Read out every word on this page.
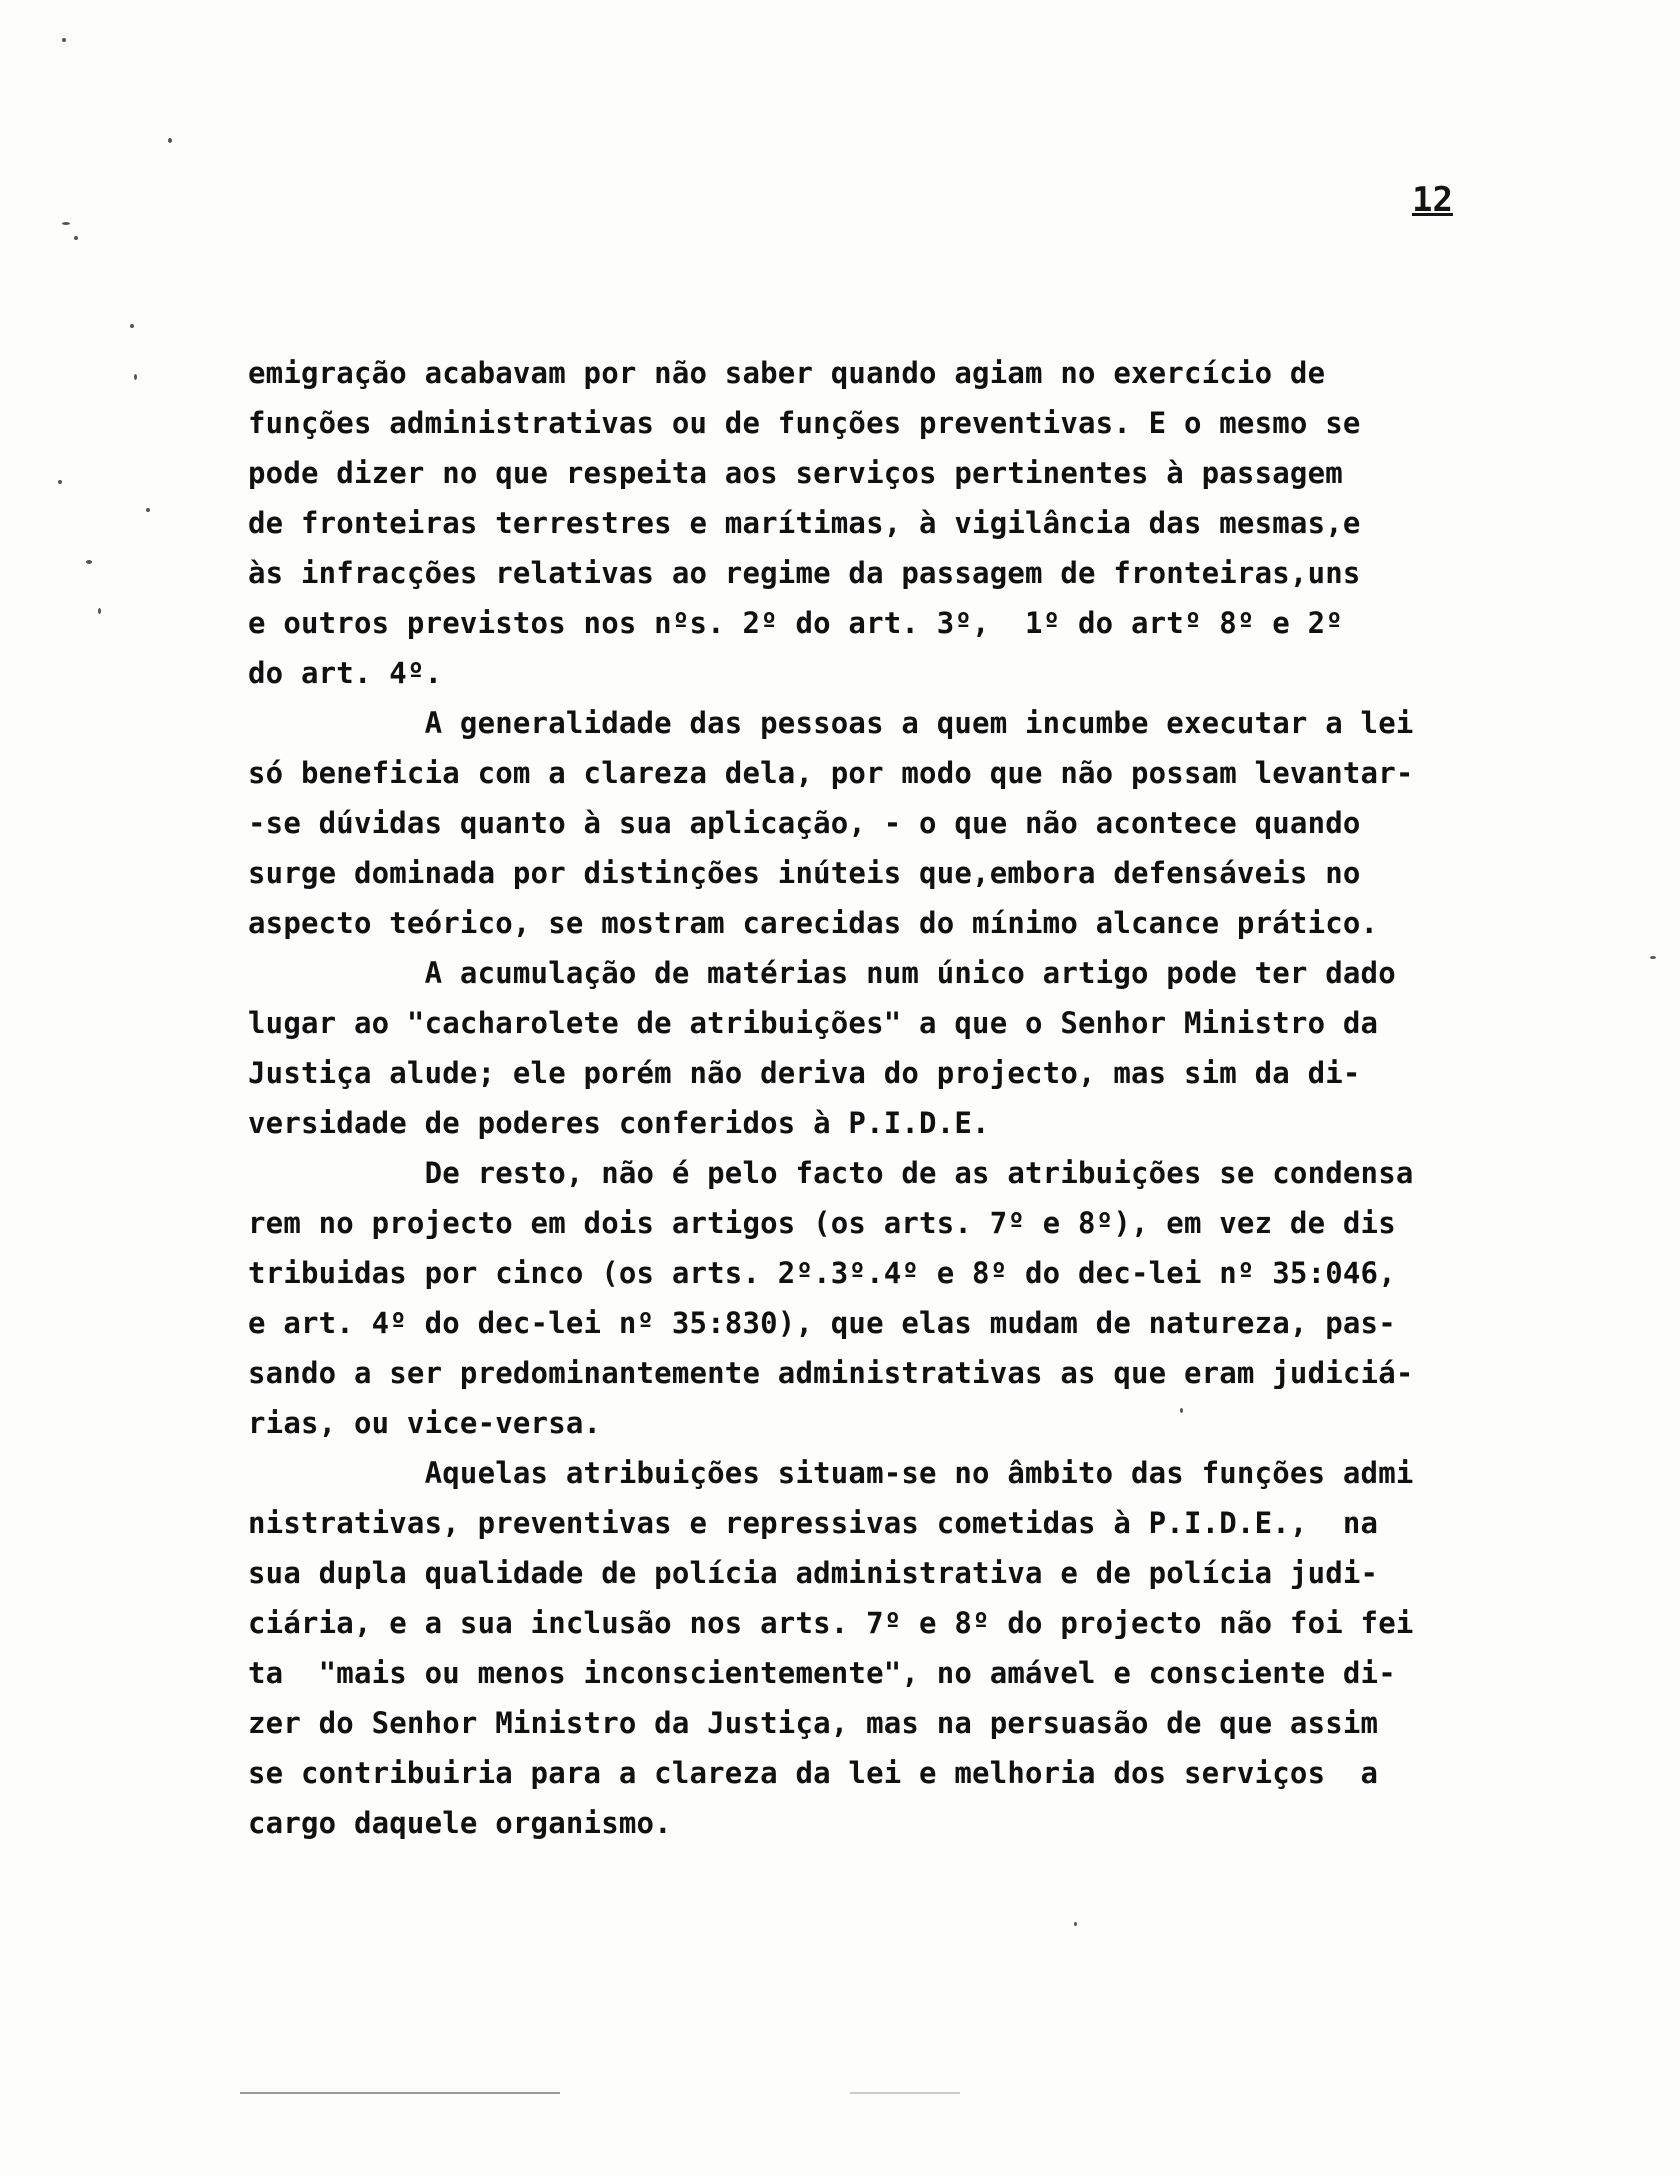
12
emigração acabavam por não saber quando agiam no exercício de
funções administrativas ou de funções preventivas. E o mesmo se
pode dizer no que respeita aos serviços pertinentes à passagem
de fronteiras terrestres e marítimas, à vigilância das mesmas,e
às infracções relativas ao regime da passagem de fronteiras,uns
e outros previstos nos nºs. 2º do art. 3º,  1º do artº 8º e 2º
do art. 4º.
A generalidade das pessoas a quem incumbe executar a lei
só beneficia com a clareza dela, por modo que não possam levantar-
-se dúvidas quanto à sua aplicação, - o que não acontece quando
surge dominada por distinções inúteis que,embora defensáveis no
aspecto teórico, se mostram carecidas do mínimo alcance prático.
A acumulação de matérias num único artigo pode ter dado
lugar ao "cacharolete de atribuições" a que o Senhor Ministro da
Justiça alude; ele porém não deriva do projecto, mas sim da di-
versidade de poderes conferidos à P.I.D.E.
De resto, não é pelo facto de as atribuições se condensa
rem no projecto em dois artigos (os arts. 7º e 8º), em vez de dis
tribuidas por cinco (os arts. 2º.3º.4º e 8º do dec-lei nº 35:046,
e art. 4º do dec-lei nº 35:830), que elas mudam de natureza, pas-
sando a ser predominantemente administrativas as que eram judiciá-
rias, ou vice-versa.
Aquelas atribuições situam-se no âmbito das funções admi
nistrativas, preventivas e repressivas cometidas à P.I.D.E.,  na
sua dupla qualidade de polícia administrativa e de polícia judi-
ciária, e a sua inclusão nos arts. 7º e 8º do projecto não foi fei
ta  "mais ou menos inconscientemente", no amável e consciente di-
zer do Senhor Ministro da Justiça, mas na persuasão de que assim
se contribuiria para a clareza da lei e melhoria dos serviços  a
cargo daquele organismo.
